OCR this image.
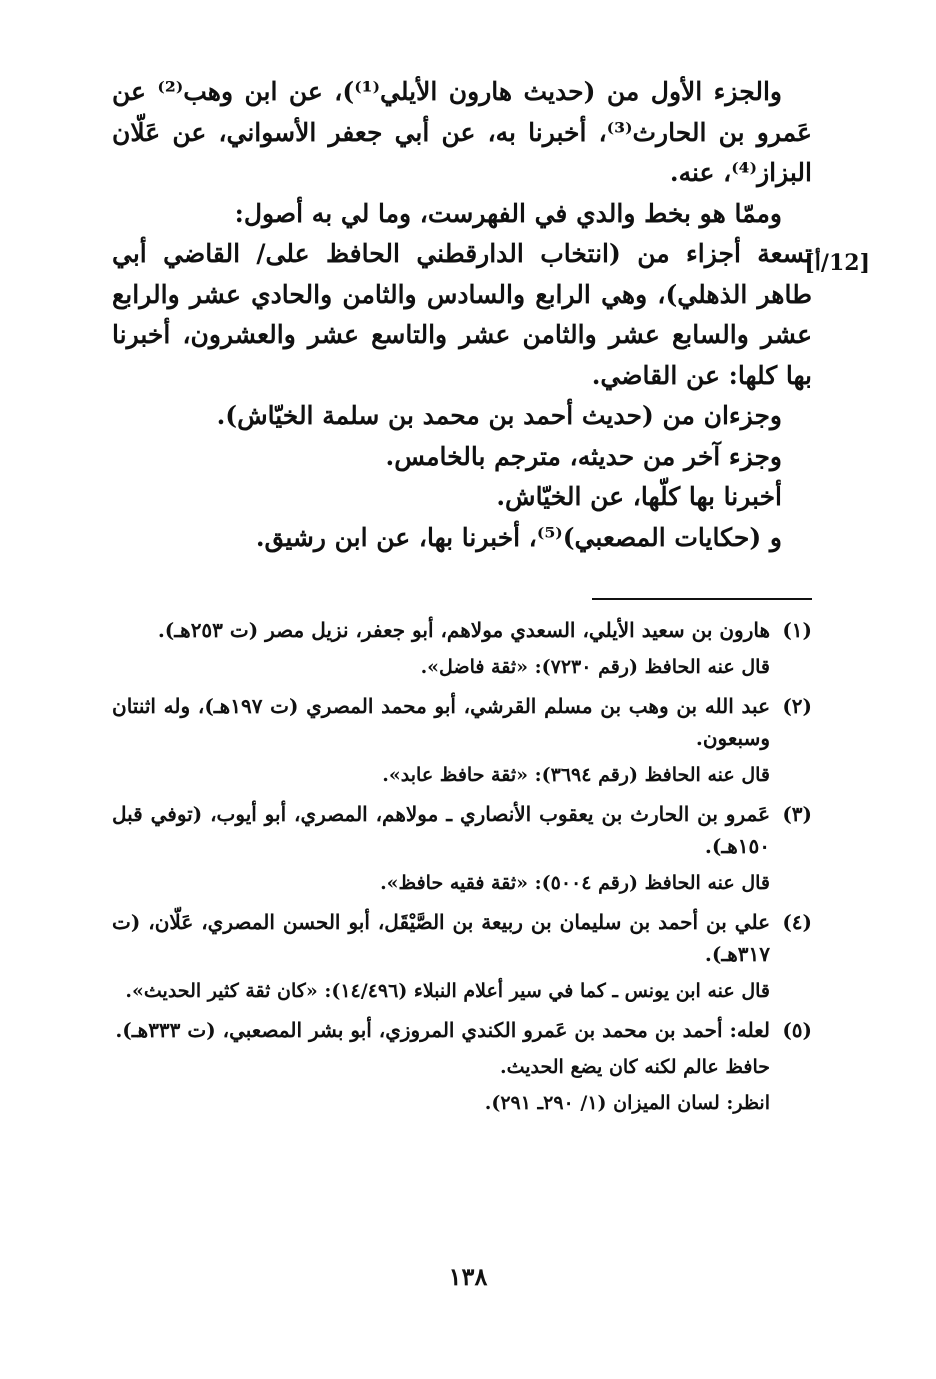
[12/أ]

والجزء الأول من (حديث هارون الأيلي⁽¹⁾)، عن ابن وهب⁽²⁾ عن عَمرو بن الحارث⁽³⁾، أخبرنا به، عن أبي جعفر الأسواني، عن عَلّان البزاز⁽⁴⁾، عنه.

وممّا هو بخط والدي في الفهرست، وما لي به أصول:

تسعة أجزاء من (انتخاب الدارقطني الحافظ على/ القاضي أبي طاهر الذهلي)، وهي الرابع والسادس والثامن والحادي عشر والرابع عشر والسابع عشر والثامن عشر والتاسع عشر والعشرون، أخبرنا بها كلها: عن القاضي.

وجزءان من (حديث أحمد بن محمد بن سلمة الخيّاش).

وجزء آخر من حديثه، مترجم بالخامس.

أخبرنا بها كلّها، عن الخيّاش.

و (حكايات المصعبي)⁽⁵⁾، أخبرنا بها، عن ابن رشيق.

(١)

هارون بن سعيد الأيلي، السعدي مولاهم، أبو جعفر، نزيل مصر (ت ٢٥٣هـ).

قال عنه الحافظ (رقم ٧٢٣٠): «ثقة فاضل».

(٢)

عبد الله بن وهب بن مسلم القرشي، أبو محمد المصري (ت ١٩٧هـ)، وله اثنتان وسبعون.

قال عنه الحافظ (رقم ٣٦٩٤): «ثقة حافظ عابد».

(٣)

عَمرو بن الحارث بن يعقوب الأنصاري ـ مولاهم، المصري، أبو أيوب، (توفي قبل ١٥٠هـ).

قال عنه الحافظ (رقم ٥٠٠٤): «ثقة فقيه حافظ».

(٤)

علي بن أحمد بن سليمان بن ربيعة بن الصَّيْقَل، أبو الحسن المصري، عَلّان، (ت ٣١٧هـ).

قال عنه ابن يونس ـ كما في سير أعلام النبلاء (١٤/٤٩٦): «كان ثقة كثير الحديث».

(٥)

لعله: أحمد بن محمد بن عَمرو الكندي المروزي، أبو بشر المصعبي، (ت ٣٣٣هـ).

حافظ عالم لكنه كان يضع الحديث.

انظر: لسان الميزان (١/ ٢٩٠ـ ٢٩١).

١٣٨
